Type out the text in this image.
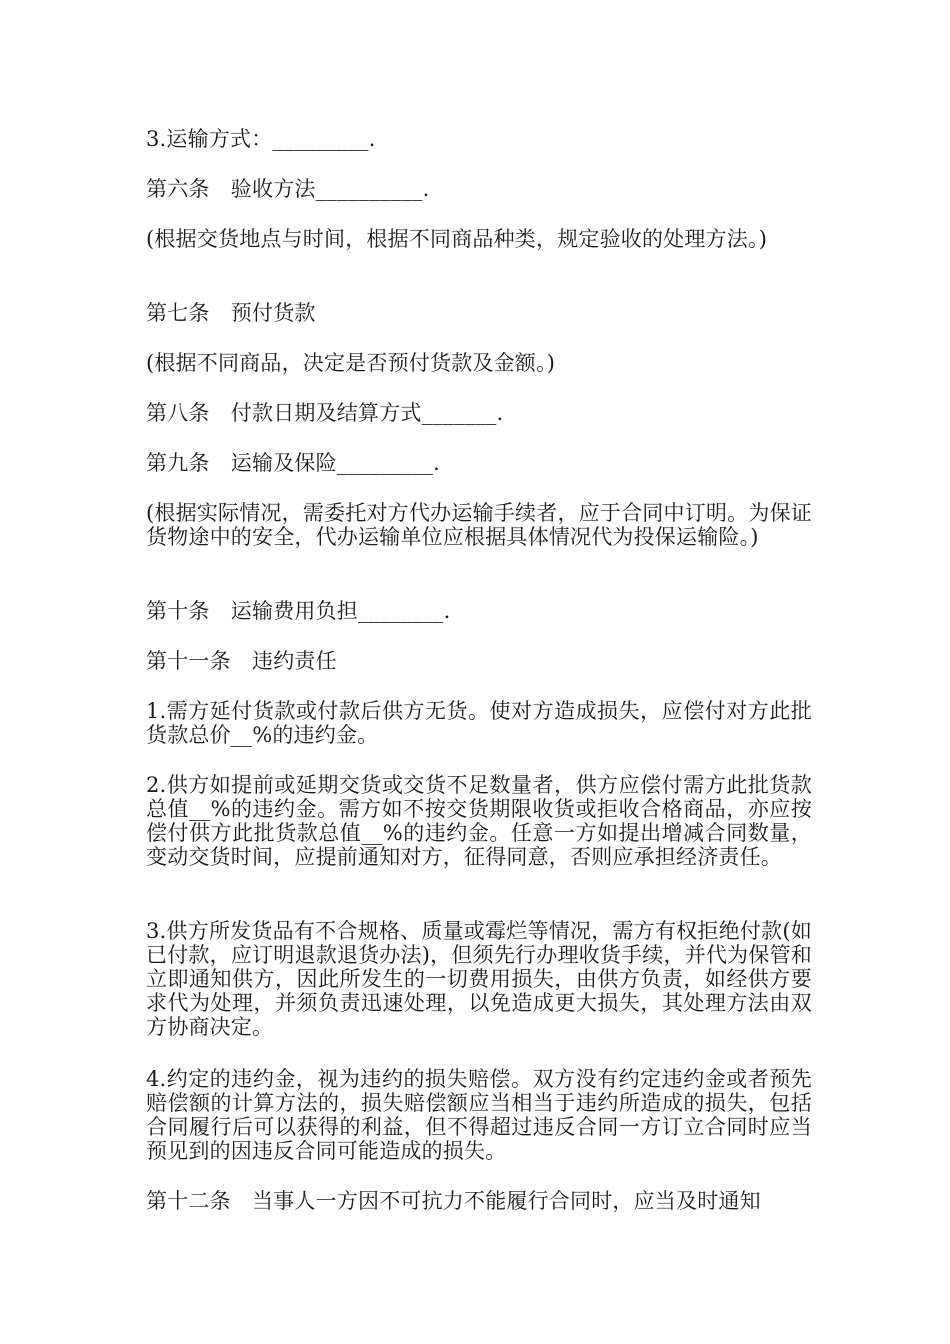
3.运输方式：_________.

第六条　验收方法__________.

(根据交货地点与时间，根据不同商品种类，规定验收的处理方法。)

第七条　预付货款

(根据不同商品，决定是否预付货款及金额。)

第八条　付款日期及结算方式_______.

第九条　运输及保险_________.

(根据实际情况，需委托对方代办运输手续者，应于合同中订明。为保证货物途中的安全，代办运输单位应根据具体情况代为投保运输险。)

第十条　运输费用负担________.

第十一条　违约责任

1.需方延付货款或付款后供方无货。使对方造成损失，应偿付对方此批货款总价__%的违约金。

2.供方如提前或延期交货或交货不足数量者，供方应偿付需方此批货款总值__%的违约金。需方如不按交货期限收货或拒收合格商品，亦应按偿付供方此批货款总值__%的违约金。任意一方如提出增减合同数量，变动交货时间，应提前通知对方，征得同意，否则应承担经济责任。

3.供方所发货品有不合规格、质量或霉烂等情况，需方有权拒绝付款(如已付款，应订明退款退货办法)，但须先行办理收货手续，并代为保管和立即通知供方，因此所发生的一切费用损失，由供方负责，如经供方要求代为处理，并须负责迅速处理，以免造成更大损失，其处理方法由双方协商决定。

4.约定的违约金，视为违约的损失赔偿。双方没有约定违约金或者预先赔偿额的计算方法的，损失赔偿额应当相当于违约所造成的损失，包括合同履行后可以获得的利益，但不得超过违反合同一方订立合同时应当预见到的因违反合同可能造成的损失。

第十二条　当事人一方因不可抗力不能履行合同时，应当及时通知
